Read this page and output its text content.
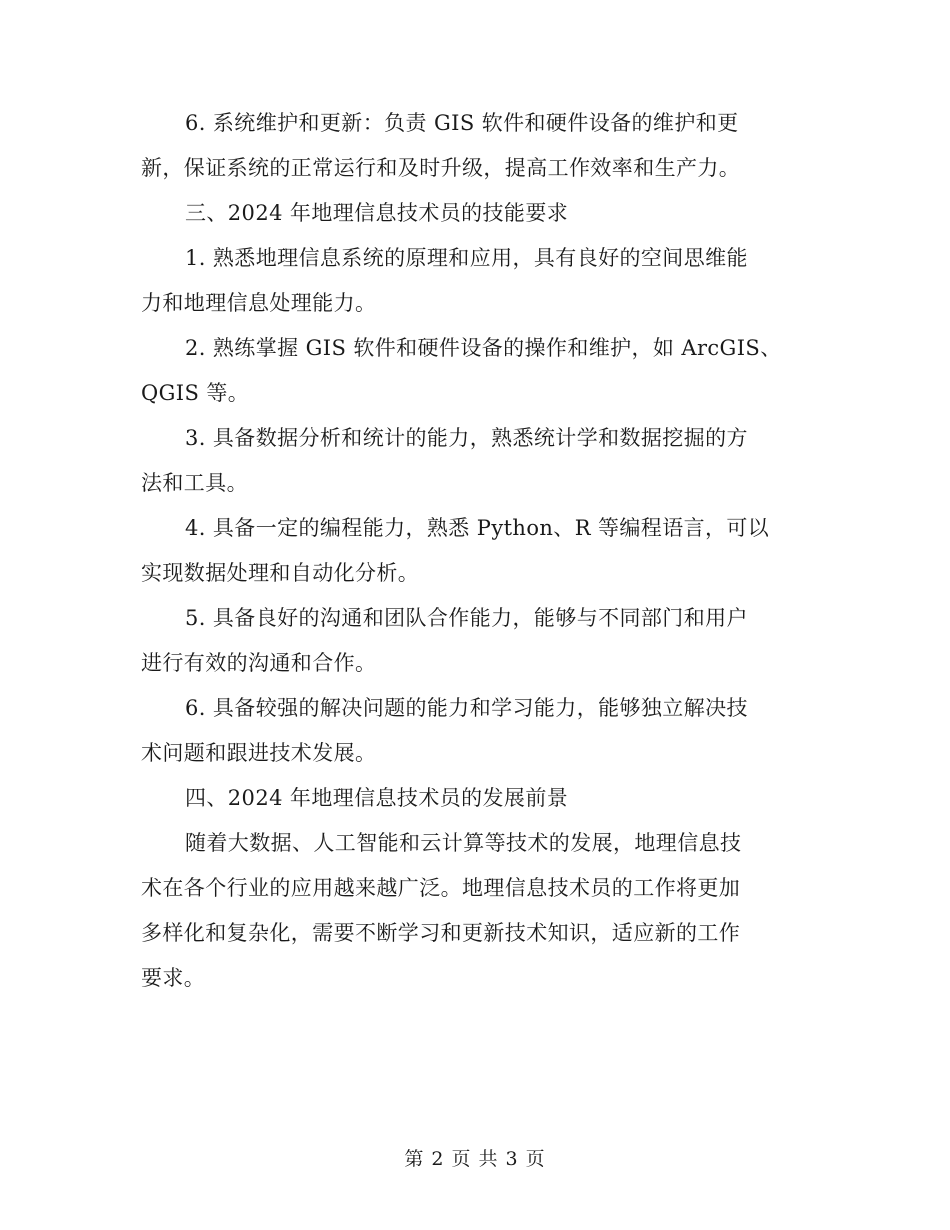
6. 系统维护和更新：负责 GIS 软件和硬件设备的维护和更
新，保证系统的正常运行和及时升级，提高工作效率和生产力。

三、2024 年地理信息技术员的技能要求

1. 熟悉地理信息系统的原理和应用，具有良好的空间思维能
力和地理信息处理能力。

2. 熟练掌握 GIS 软件和硬件设备的操作和维护，如 ArcGIS、
QGIS 等。

3. 具备数据分析和统计的能力，熟悉统计学和数据挖掘的方
法和工具。

4. 具备一定的编程能力，熟悉 Python、R 等编程语言，可以
实现数据处理和自动化分析。

5. 具备良好的沟通和团队合作能力，能够与不同部门和用户
进行有效的沟通和合作。

6. 具备较强的解决问题的能力和学习能力，能够独立解决技
术问题和跟进技术发展。

四、2024 年地理信息技术员的发展前景

随着大数据、人工智能和云计算等技术的发展，地理信息技
术在各个行业的应用越来越广泛。地理信息技术员的工作将更加
多样化和复杂化，需要不断学习和更新技术知识，适应新的工作
要求。

第 2 页 共 3 页
